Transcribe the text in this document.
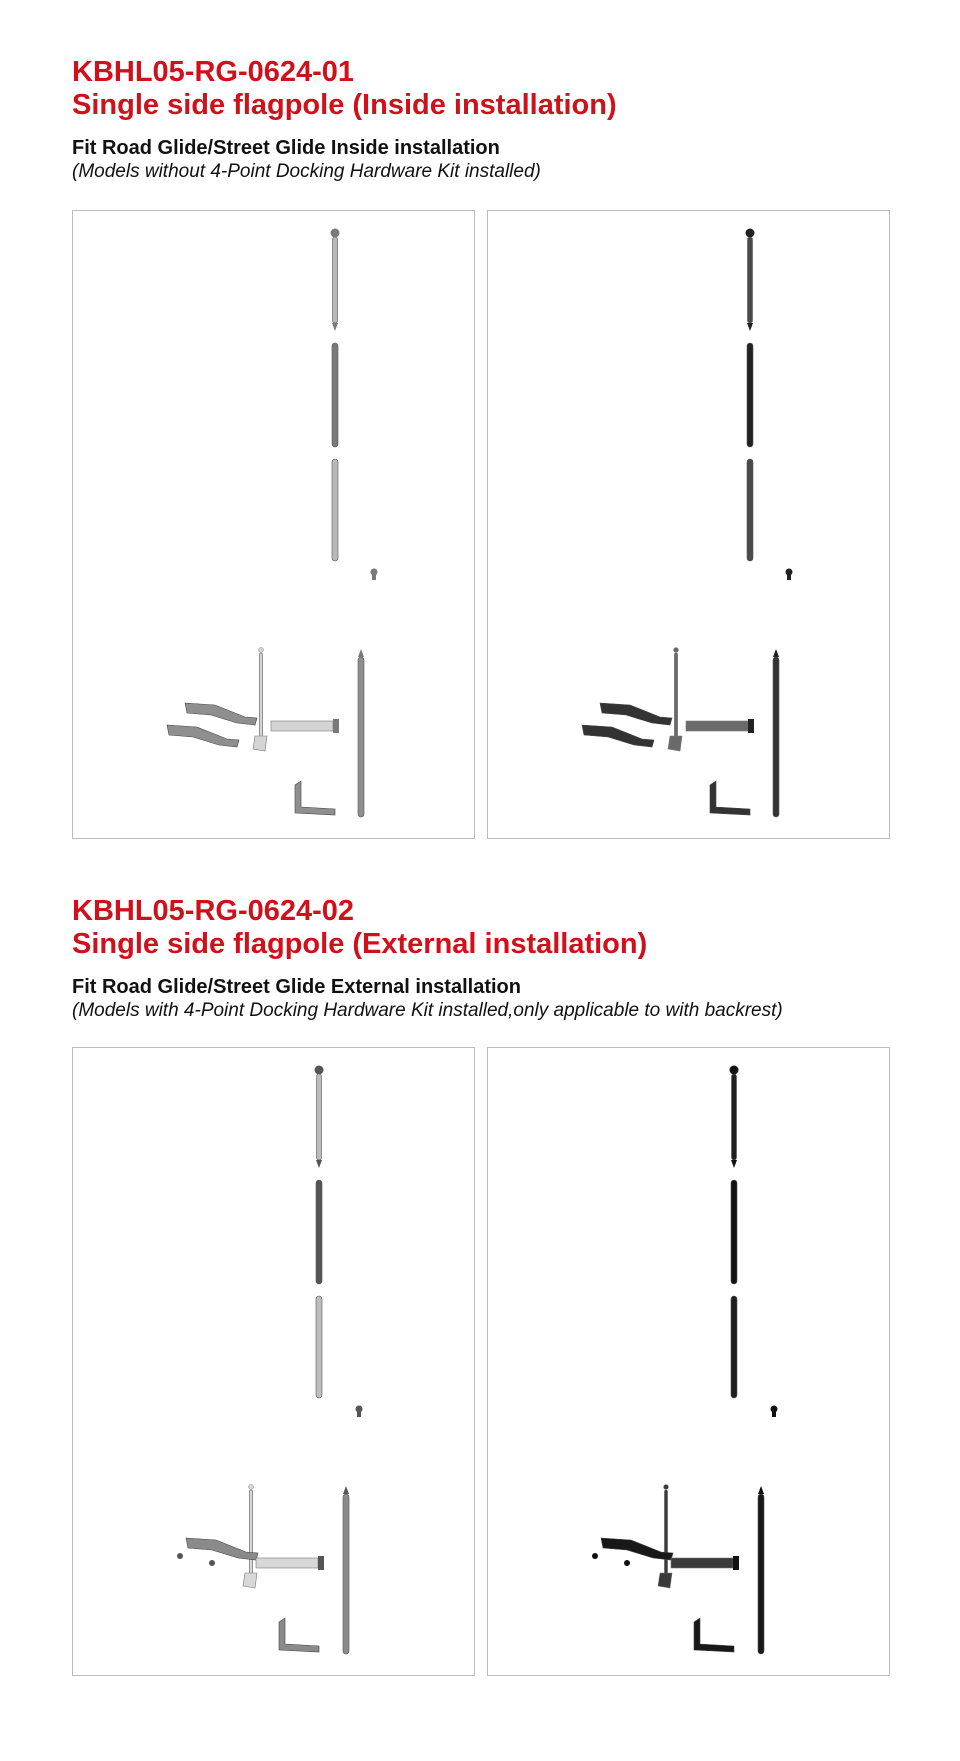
KBHL05-RG-0624-01
Single side flagpole (Inside installation)
Fit Road Glide/Street Glide Inside installation
(Models without 4-Point Docking Hardware Kit installed)
KBHL05-RG-0624-02
Single side flagpole (External installation)
Fit Road Glide/Street Glide External installation
(Models with 4-Point Docking Hardware Kit installed,only applicable to with backrest)
